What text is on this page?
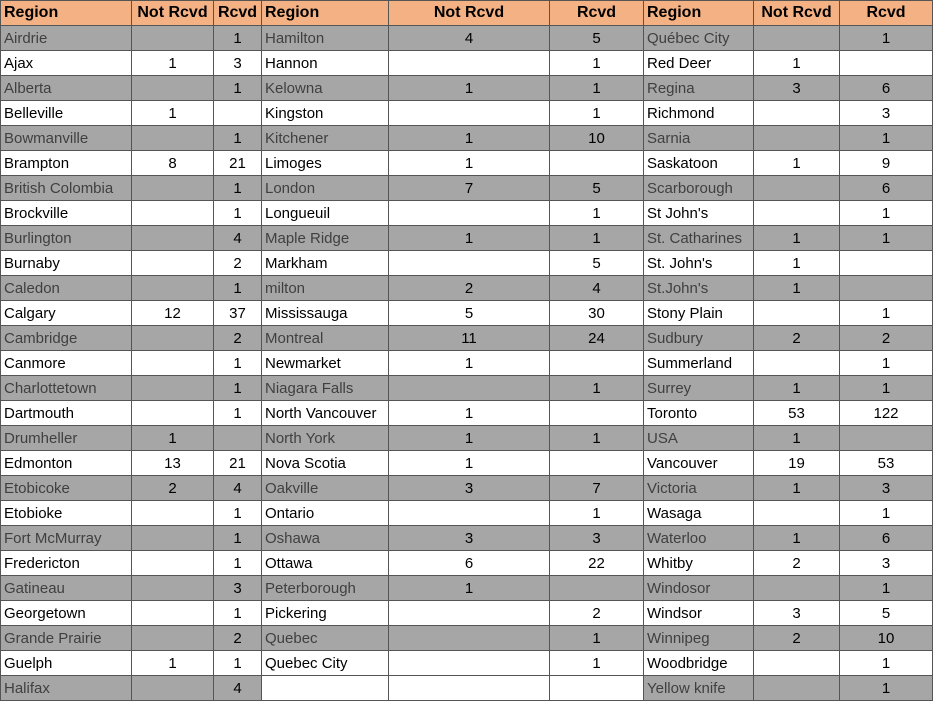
Region	Not Rcvd	Rcvd	Region	Not Rcvd	Rcvd	Region	Not Rcvd	Rcvd
Airdrie		1	Hamilton	4	5	Québec City		1
Ajax	1	3	Hannon		1	Red Deer	1	
Alberta		1	Kelowna	1	1	Regina	3	6
Belleville	1		Kingston		1	Richmond		3
Bowmanville		1	Kitchener	1	10	Sarnia		1
Brampton	8	21	Limoges	1		Saskatoon	1	9
British Colombia		1	London	7	5	Scarborough		6
Brockville		1	Longueuil		1	St John's		1
Burlington		4	Maple Ridge	1	1	St. Catharines	1	1
Burnaby		2	Markham		5	St. John's	1	
Caledon		1	milton	2	4	St.John's	1	
Calgary	12	37	Mississauga	5	30	Stony Plain		1
Cambridge		2	Montreal	11	24	Sudbury	2	2
Canmore		1	Newmarket	1		Summerland		1
Charlottetown		1	Niagara Falls		1	Surrey	1	1
Dartmouth		1	North Vancouver	1		Toronto	53	122
Drumheller	1		North York	1	1	USA	1	
Edmonton	13	21	Nova Scotia	1		Vancouver	19	53
Etobicoke	2	4	Oakville	3	7	Victoria	1	3
Etobioke		1	Ontario		1	Wasaga		1
Fort McMurray		1	Oshawa	3	3	Waterloo	1	6
Fredericton		1	Ottawa	6	22	Whitby	2	3
Gatineau		3	Peterborough	1		Windosor		1
Georgetown		1	Pickering		2	Windsor	3	5
Grande Prairie		2	Quebec		1	Winnipeg	2	10
Guelph	1	1	Quebec City		1	Woodbridge		1
Halifax		4				Yellow knife		1
